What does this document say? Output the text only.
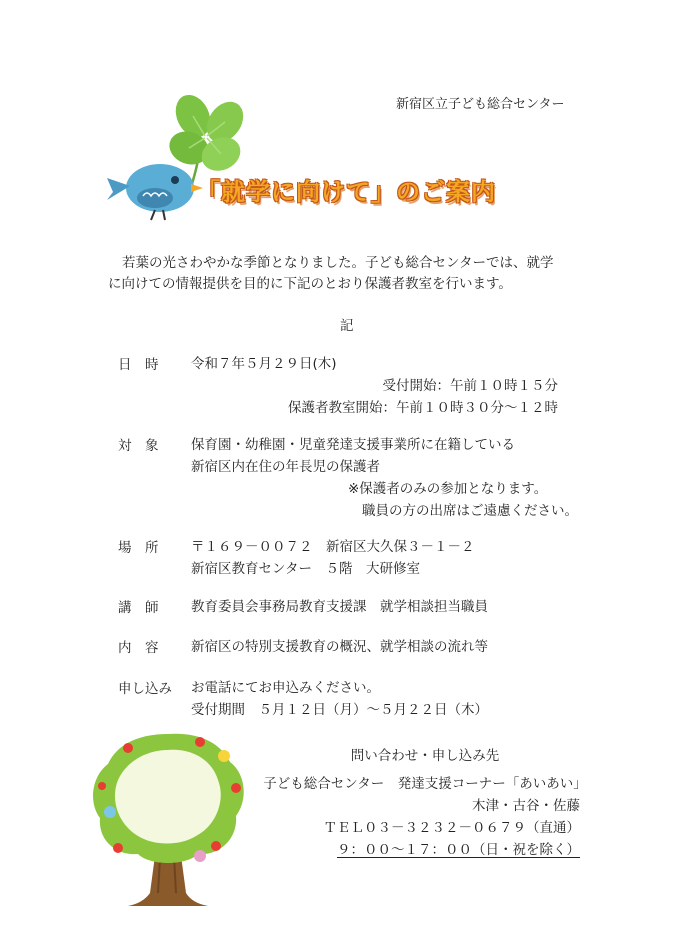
新宿区立子ども総合センター
「就学に向けて」のご案内

若葉の光さわやかな季節となりました。子ども総合センターでは、就学

に向けての情報提供を目的に下記のとおり保護者教室を行います。

記
日　時	令和７年５月２９日(木)
受付開始：午前１０時１５分
保護者教室開始：午前１０時３０分～１２時
対　象	保育園・幼稚園・児童発達支援事業所に在籍している
新宿区内在住の年長児の保護者
※保護者のみの参加となります。
職員の方の出席はご遠慮ください。
場　所	〒１６９－００７２　新宿区大久保３－１－２
新宿区教育センター　５階　大研修室
講　師	教育委員会事務局教育支援課　就学相談担当職員
内　容	新宿区の特別支援教育の概況、就学相談の流れ等
申し込み	お電話にてお申込みください。
受付期間　５月１２日（月）～５月２２日（木）
問い合わせ・申し込み先
子ども総合センター　発達支援コーナー「あいあい」
木津・古谷・佐藤
ＴＥＬ０３－３２３２－０６７９（直通）
９：００～１７：００（日・祝を除く）
